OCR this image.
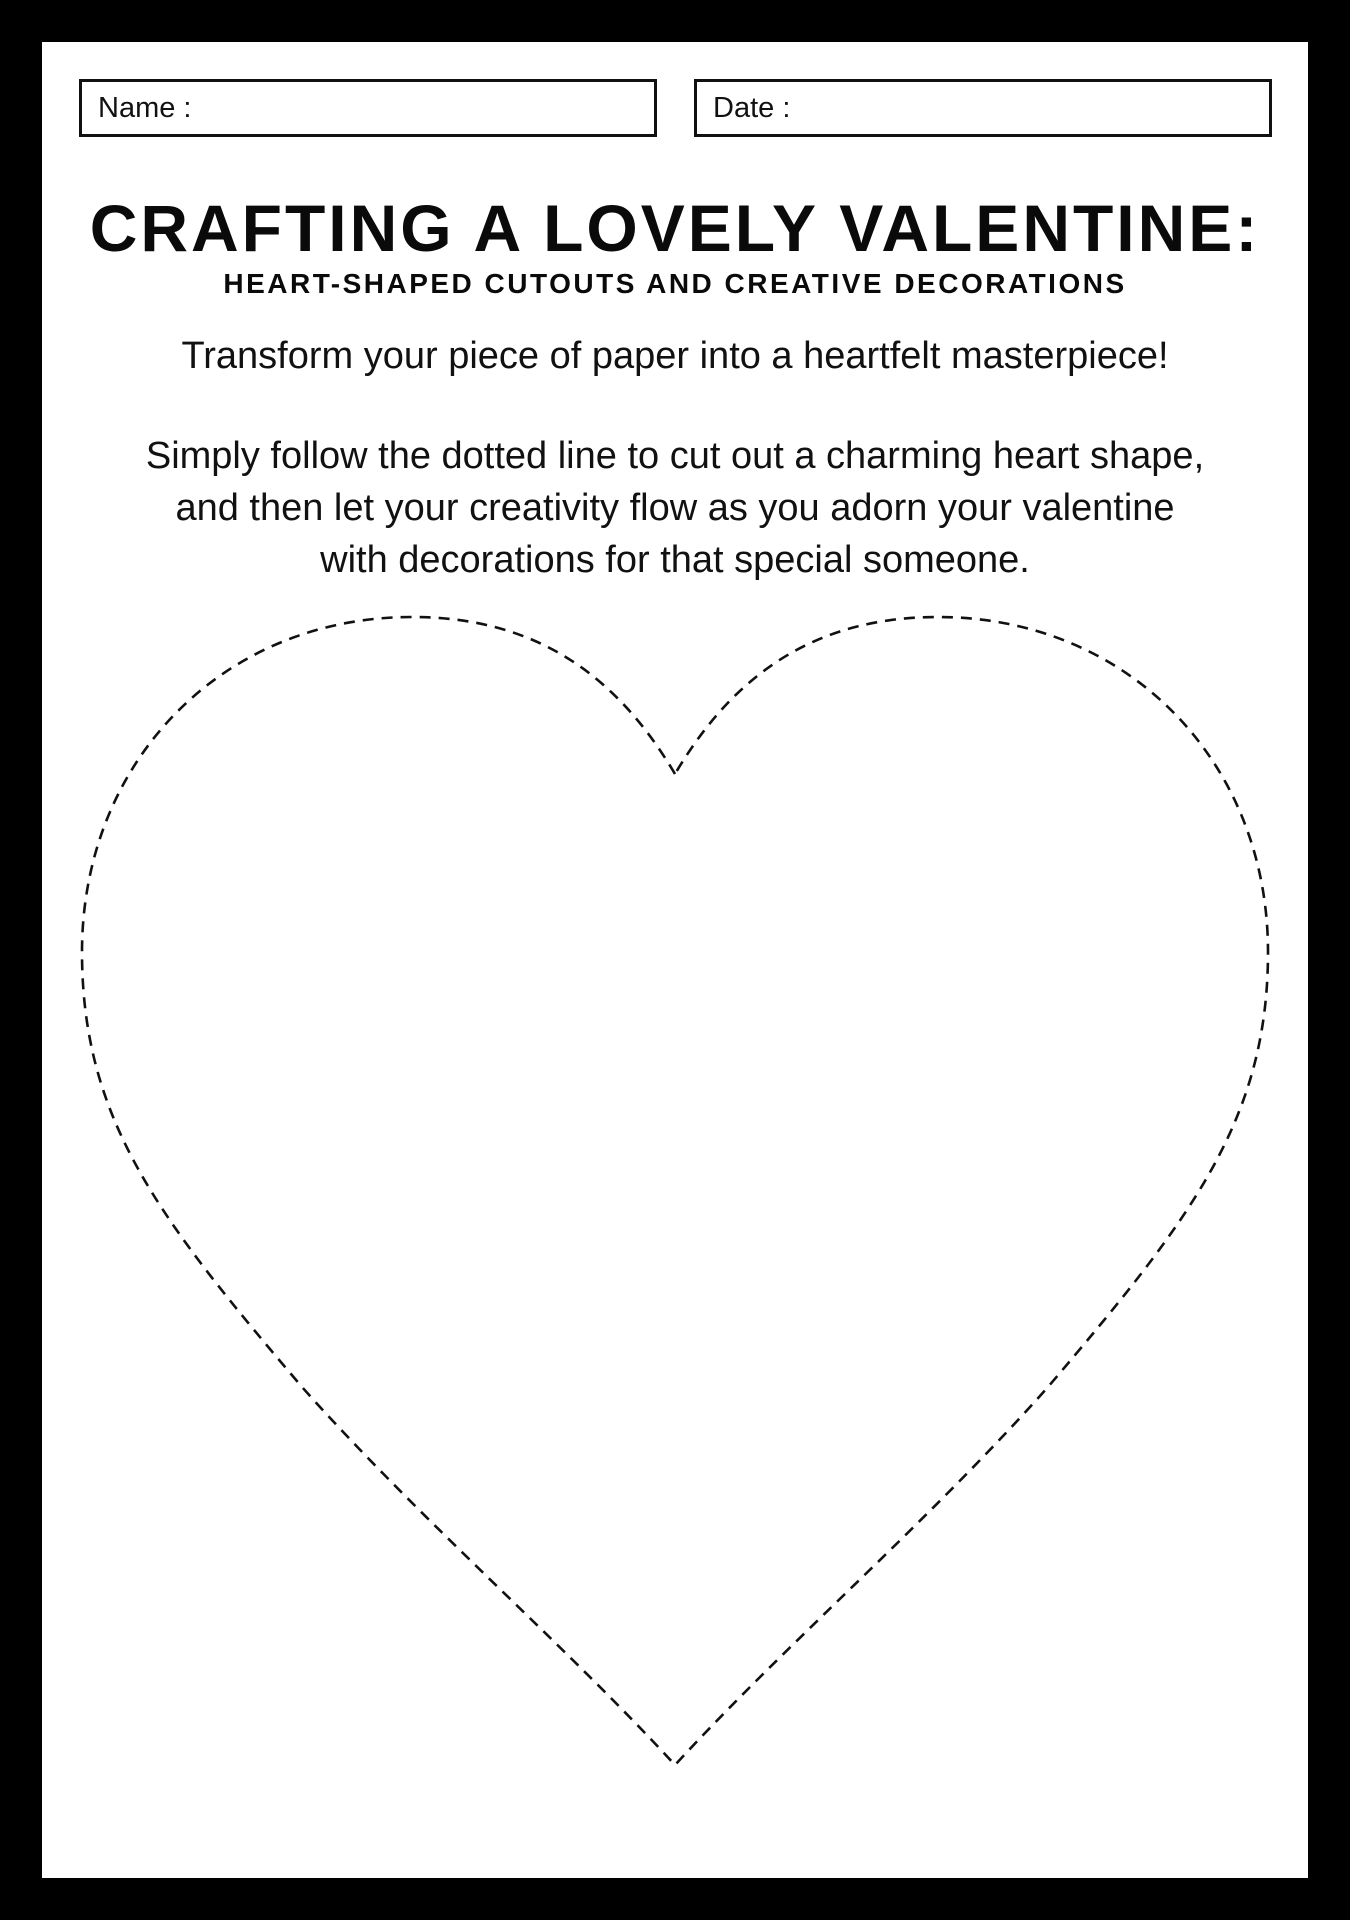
Name :	Date :
CRAFTING A LOVELY VALENTINE:
HEART-SHAPED CUTOUTS AND CREATIVE DECORATIONS
Transform your piece of paper into a heartfelt masterpiece!
Simply follow the dotted line to cut out a charming heart shape,
and then let your creativity flow as you adorn your valentine
with decorations for that special someone.
